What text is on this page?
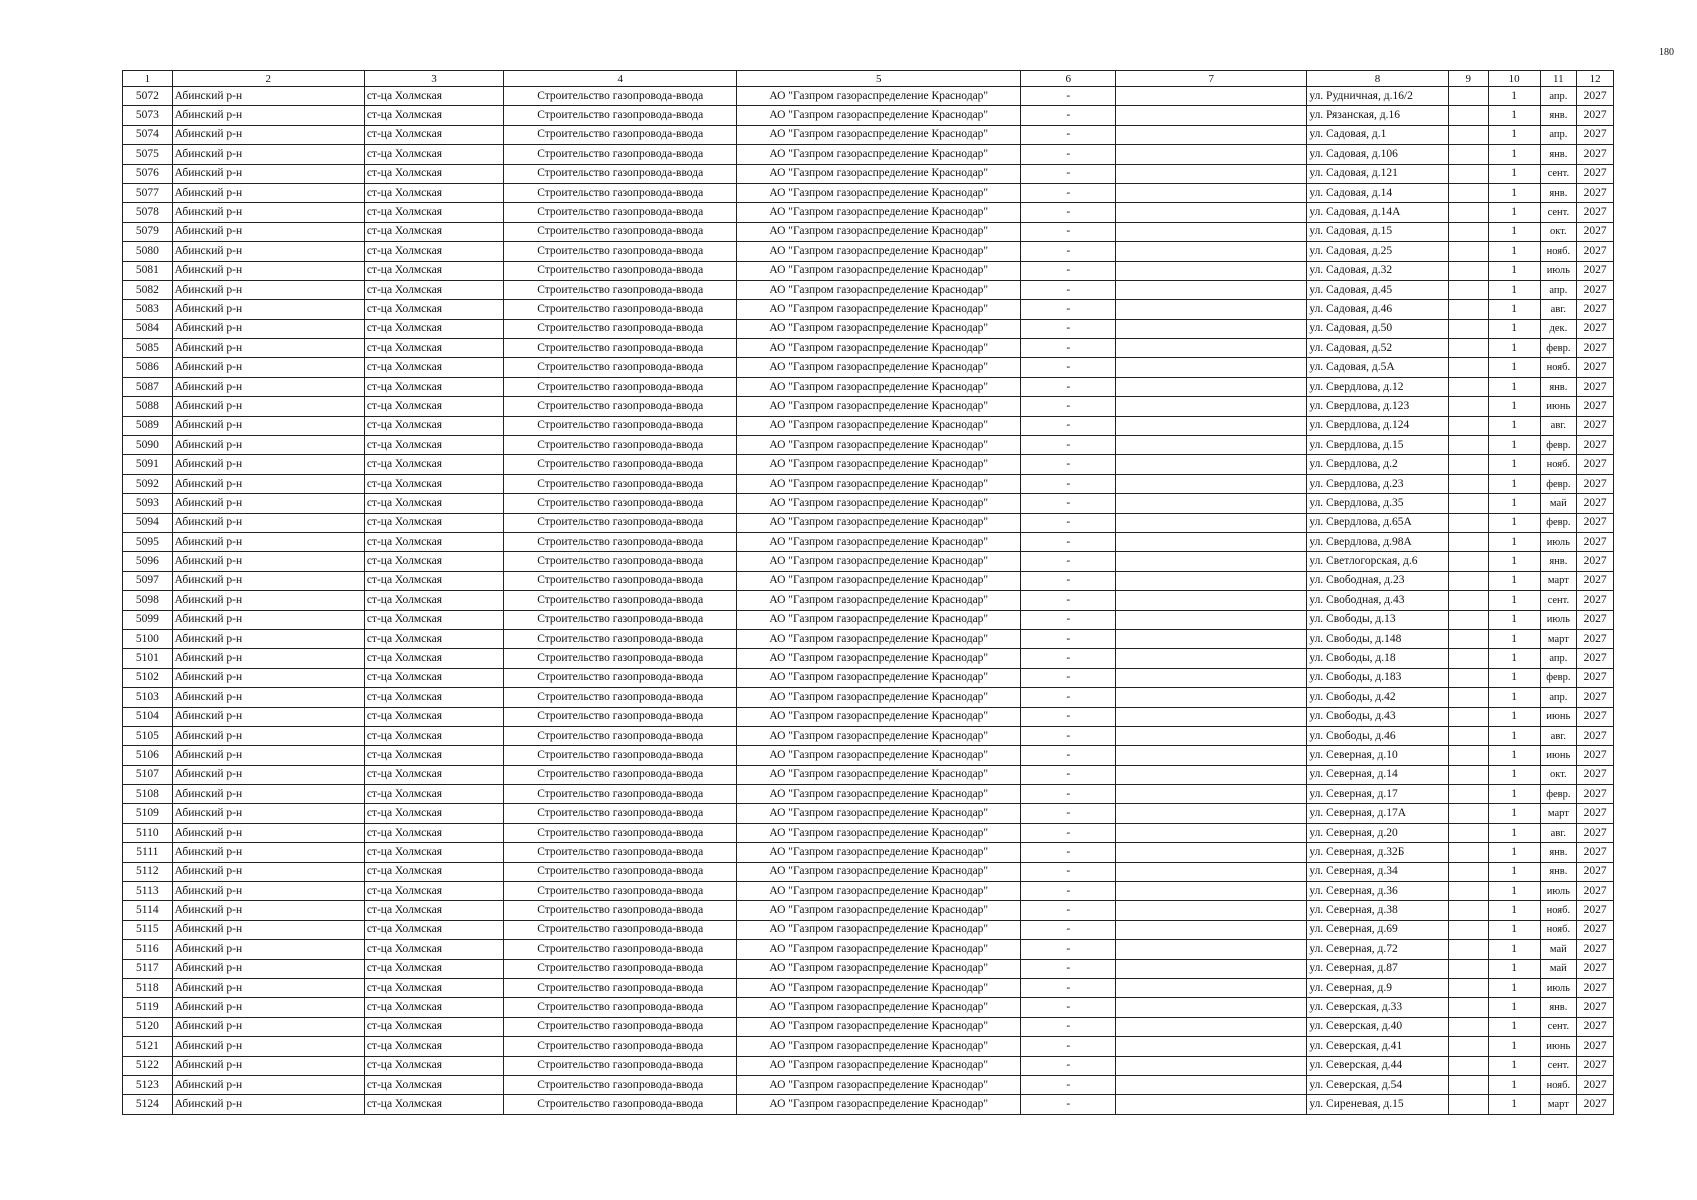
180
1	2	3	4	5	6	7	8	9	10	11	12
5072	Абинский р-н	ст-ца Холмская	Строительство газопровода-ввода	АО "Газпром газораспределение Краснодар"	-		ул. Рудничная, д.16/2		1	апр.	2027
5073	Абинский р-н	ст-ца Холмская	Строительство газопровода-ввода	АО "Газпром газораспределение Краснодар"	-		ул. Рязанская, д.16		1	янв.	2027
5074	Абинский р-н	ст-ца Холмская	Строительство газопровода-ввода	АО "Газпром газораспределение Краснодар"	-		ул. Садовая, д.1		1	апр.	2027
5075	Абинский р-н	ст-ца Холмская	Строительство газопровода-ввода	АО "Газпром газораспределение Краснодар"	-		ул. Садовая, д.106		1	янв.	2027
5076	Абинский р-н	ст-ца Холмская	Строительство газопровода-ввода	АО "Газпром газораспределение Краснодар"	-		ул. Садовая, д.121		1	сент.	2027
5077	Абинский р-н	ст-ца Холмская	Строительство газопровода-ввода	АО "Газпром газораспределение Краснодар"	-		ул. Садовая, д.14		1	янв.	2027
5078	Абинский р-н	ст-ца Холмская	Строительство газопровода-ввода	АО "Газпром газораспределение Краснодар"	-		ул. Садовая, д.14А		1	сент.	2027
5079	Абинский р-н	ст-ца Холмская	Строительство газопровода-ввода	АО "Газпром газораспределение Краснодар"	-		ул. Садовая, д.15		1	окт.	2027
5080	Абинский р-н	ст-ца Холмская	Строительство газопровода-ввода	АО "Газпром газораспределение Краснодар"	-		ул. Садовая, д.25		1	нояб.	2027
5081	Абинский р-н	ст-ца Холмская	Строительство газопровода-ввода	АО "Газпром газораспределение Краснодар"	-		ул. Садовая, д.32		1	июль	2027
5082	Абинский р-н	ст-ца Холмская	Строительство газопровода-ввода	АО "Газпром газораспределение Краснодар"	-		ул. Садовая, д.45		1	апр.	2027
5083	Абинский р-н	ст-ца Холмская	Строительство газопровода-ввода	АО "Газпром газораспределение Краснодар"	-		ул. Садовая, д.46		1	авг.	2027
5084	Абинский р-н	ст-ца Холмская	Строительство газопровода-ввода	АО "Газпром газораспределение Краснодар"	-		ул. Садовая, д.50		1	дек.	2027
5085	Абинский р-н	ст-ца Холмская	Строительство газопровода-ввода	АО "Газпром газораспределение Краснодар"	-		ул. Садовая, д.52		1	февр.	2027
5086	Абинский р-н	ст-ца Холмская	Строительство газопровода-ввода	АО "Газпром газораспределение Краснодар"	-		ул. Садовая, д.5А		1	нояб.	2027
5087	Абинский р-н	ст-ца Холмская	Строительство газопровода-ввода	АО "Газпром газораспределение Краснодар"	-		ул. Свердлова, д.12		1	янв.	2027
5088	Абинский р-н	ст-ца Холмская	Строительство газопровода-ввода	АО "Газпром газораспределение Краснодар"	-		ул. Свердлова, д.123		1	июнь	2027
5089	Абинский р-н	ст-ца Холмская	Строительство газопровода-ввода	АО "Газпром газораспределение Краснодар"	-		ул. Свердлова, д.124		1	авг.	2027
5090	Абинский р-н	ст-ца Холмская	Строительство газопровода-ввода	АО "Газпром газораспределение Краснодар"	-		ул. Свердлова, д.15		1	февр.	2027
5091	Абинский р-н	ст-ца Холмская	Строительство газопровода-ввода	АО "Газпром газораспределение Краснодар"	-		ул. Свердлова, д.2		1	нояб.	2027
5092	Абинский р-н	ст-ца Холмская	Строительство газопровода-ввода	АО "Газпром газораспределение Краснодар"	-		ул. Свердлова, д.23		1	февр.	2027
5093	Абинский р-н	ст-ца Холмская	Строительство газопровода-ввода	АО "Газпром газораспределение Краснодар"	-		ул. Свердлова, д.35		1	май	2027
5094	Абинский р-н	ст-ца Холмская	Строительство газопровода-ввода	АО "Газпром газораспределение Краснодар"	-		ул. Свердлова, д.65А		1	февр.	2027
5095	Абинский р-н	ст-ца Холмская	Строительство газопровода-ввода	АО "Газпром газораспределение Краснодар"	-		ул. Свердлова, д.98А		1	июль	2027
5096	Абинский р-н	ст-ца Холмская	Строительство газопровода-ввода	АО "Газпром газораспределение Краснодар"	-		ул. Светлогорская, д.6		1	янв.	2027
5097	Абинский р-н	ст-ца Холмская	Строительство газопровода-ввода	АО "Газпром газораспределение Краснодар"	-		ул. Свободная, д.23		1	март	2027
5098	Абинский р-н	ст-ца Холмская	Строительство газопровода-ввода	АО "Газпром газораспределение Краснодар"	-		ул. Свободная, д.43		1	сент.	2027
5099	Абинский р-н	ст-ца Холмская	Строительство газопровода-ввода	АО "Газпром газораспределение Краснодар"	-		ул. Свободы, д.13		1	июль	2027
5100	Абинский р-н	ст-ца Холмская	Строительство газопровода-ввода	АО "Газпром газораспределение Краснодар"	-		ул. Свободы, д.148		1	март	2027
5101	Абинский р-н	ст-ца Холмская	Строительство газопровода-ввода	АО "Газпром газораспределение Краснодар"	-		ул. Свободы, д.18		1	апр.	2027
5102	Абинский р-н	ст-ца Холмская	Строительство газопровода-ввода	АО "Газпром газораспределение Краснодар"	-		ул. Свободы, д.183		1	февр.	2027
5103	Абинский р-н	ст-ца Холмская	Строительство газопровода-ввода	АО "Газпром газораспределение Краснодар"	-		ул. Свободы, д.42		1	апр.	2027
5104	Абинский р-н	ст-ца Холмская	Строительство газопровода-ввода	АО "Газпром газораспределение Краснодар"	-		ул. Свободы, д.43		1	июнь	2027
5105	Абинский р-н	ст-ца Холмская	Строительство газопровода-ввода	АО "Газпром газораспределение Краснодар"	-		ул. Свободы, д.46		1	авг.	2027
5106	Абинский р-н	ст-ца Холмская	Строительство газопровода-ввода	АО "Газпром газораспределение Краснодар"	-		ул. Северная, д.10		1	июнь	2027
5107	Абинский р-н	ст-ца Холмская	Строительство газопровода-ввода	АО "Газпром газораспределение Краснодар"	-		ул. Северная, д.14		1	окт.	2027
5108	Абинский р-н	ст-ца Холмская	Строительство газопровода-ввода	АО "Газпром газораспределение Краснодар"	-		ул. Северная, д.17		1	февр.	2027
5109	Абинский р-н	ст-ца Холмская	Строительство газопровода-ввода	АО "Газпром газораспределение Краснодар"	-		ул. Северная, д.17А		1	март	2027
5110	Абинский р-н	ст-ца Холмская	Строительство газопровода-ввода	АО "Газпром газораспределение Краснодар"	-		ул. Северная, д.20		1	авг.	2027
5111	Абинский р-н	ст-ца Холмская	Строительство газопровода-ввода	АО "Газпром газораспределение Краснодар"	-		ул. Северная, д.32Б		1	янв.	2027
5112	Абинский р-н	ст-ца Холмская	Строительство газопровода-ввода	АО "Газпром газораспределение Краснодар"	-		ул. Северная, д.34		1	янв.	2027
5113	Абинский р-н	ст-ца Холмская	Строительство газопровода-ввода	АО "Газпром газораспределение Краснодар"	-		ул. Северная, д.36		1	июль	2027
5114	Абинский р-н	ст-ца Холмская	Строительство газопровода-ввода	АО "Газпром газораспределение Краснодар"	-		ул. Северная, д.38		1	нояб.	2027
5115	Абинский р-н	ст-ца Холмская	Строительство газопровода-ввода	АО "Газпром газораспределение Краснодар"	-		ул. Северная, д.69		1	нояб.	2027
5116	Абинский р-н	ст-ца Холмская	Строительство газопровода-ввода	АО "Газпром газораспределение Краснодар"	-		ул. Северная, д.72		1	май	2027
5117	Абинский р-н	ст-ца Холмская	Строительство газопровода-ввода	АО "Газпром газораспределение Краснодар"	-		ул. Северная, д.87		1	май	2027
5118	Абинский р-н	ст-ца Холмская	Строительство газопровода-ввода	АО "Газпром газораспределение Краснодар"	-		ул. Северная, д.9		1	июль	2027
5119	Абинский р-н	ст-ца Холмская	Строительство газопровода-ввода	АО "Газпром газораспределение Краснодар"	-		ул. Северская, д.33		1	янв.	2027
5120	Абинский р-н	ст-ца Холмская	Строительство газопровода-ввода	АО "Газпром газораспределение Краснодар"	-		ул. Северская, д.40		1	сент.	2027
5121	Абинский р-н	ст-ца Холмская	Строительство газопровода-ввода	АО "Газпром газораспределение Краснодар"	-		ул. Северская, д.41		1	июнь	2027
5122	Абинский р-н	ст-ца Холмская	Строительство газопровода-ввода	АО "Газпром газораспределение Краснодар"	-		ул. Северская, д.44		1	сент.	2027
5123	Абинский р-н	ст-ца Холмская	Строительство газопровода-ввода	АО "Газпром газораспределение Краснодар"	-		ул. Северская, д.54		1	нояб.	2027
5124	Абинский р-н	ст-ца Холмская	Строительство газопровода-ввода	АО "Газпром газораспределение Краснодар"	-		ул. Сиреневая, д.15		1	март	2027
